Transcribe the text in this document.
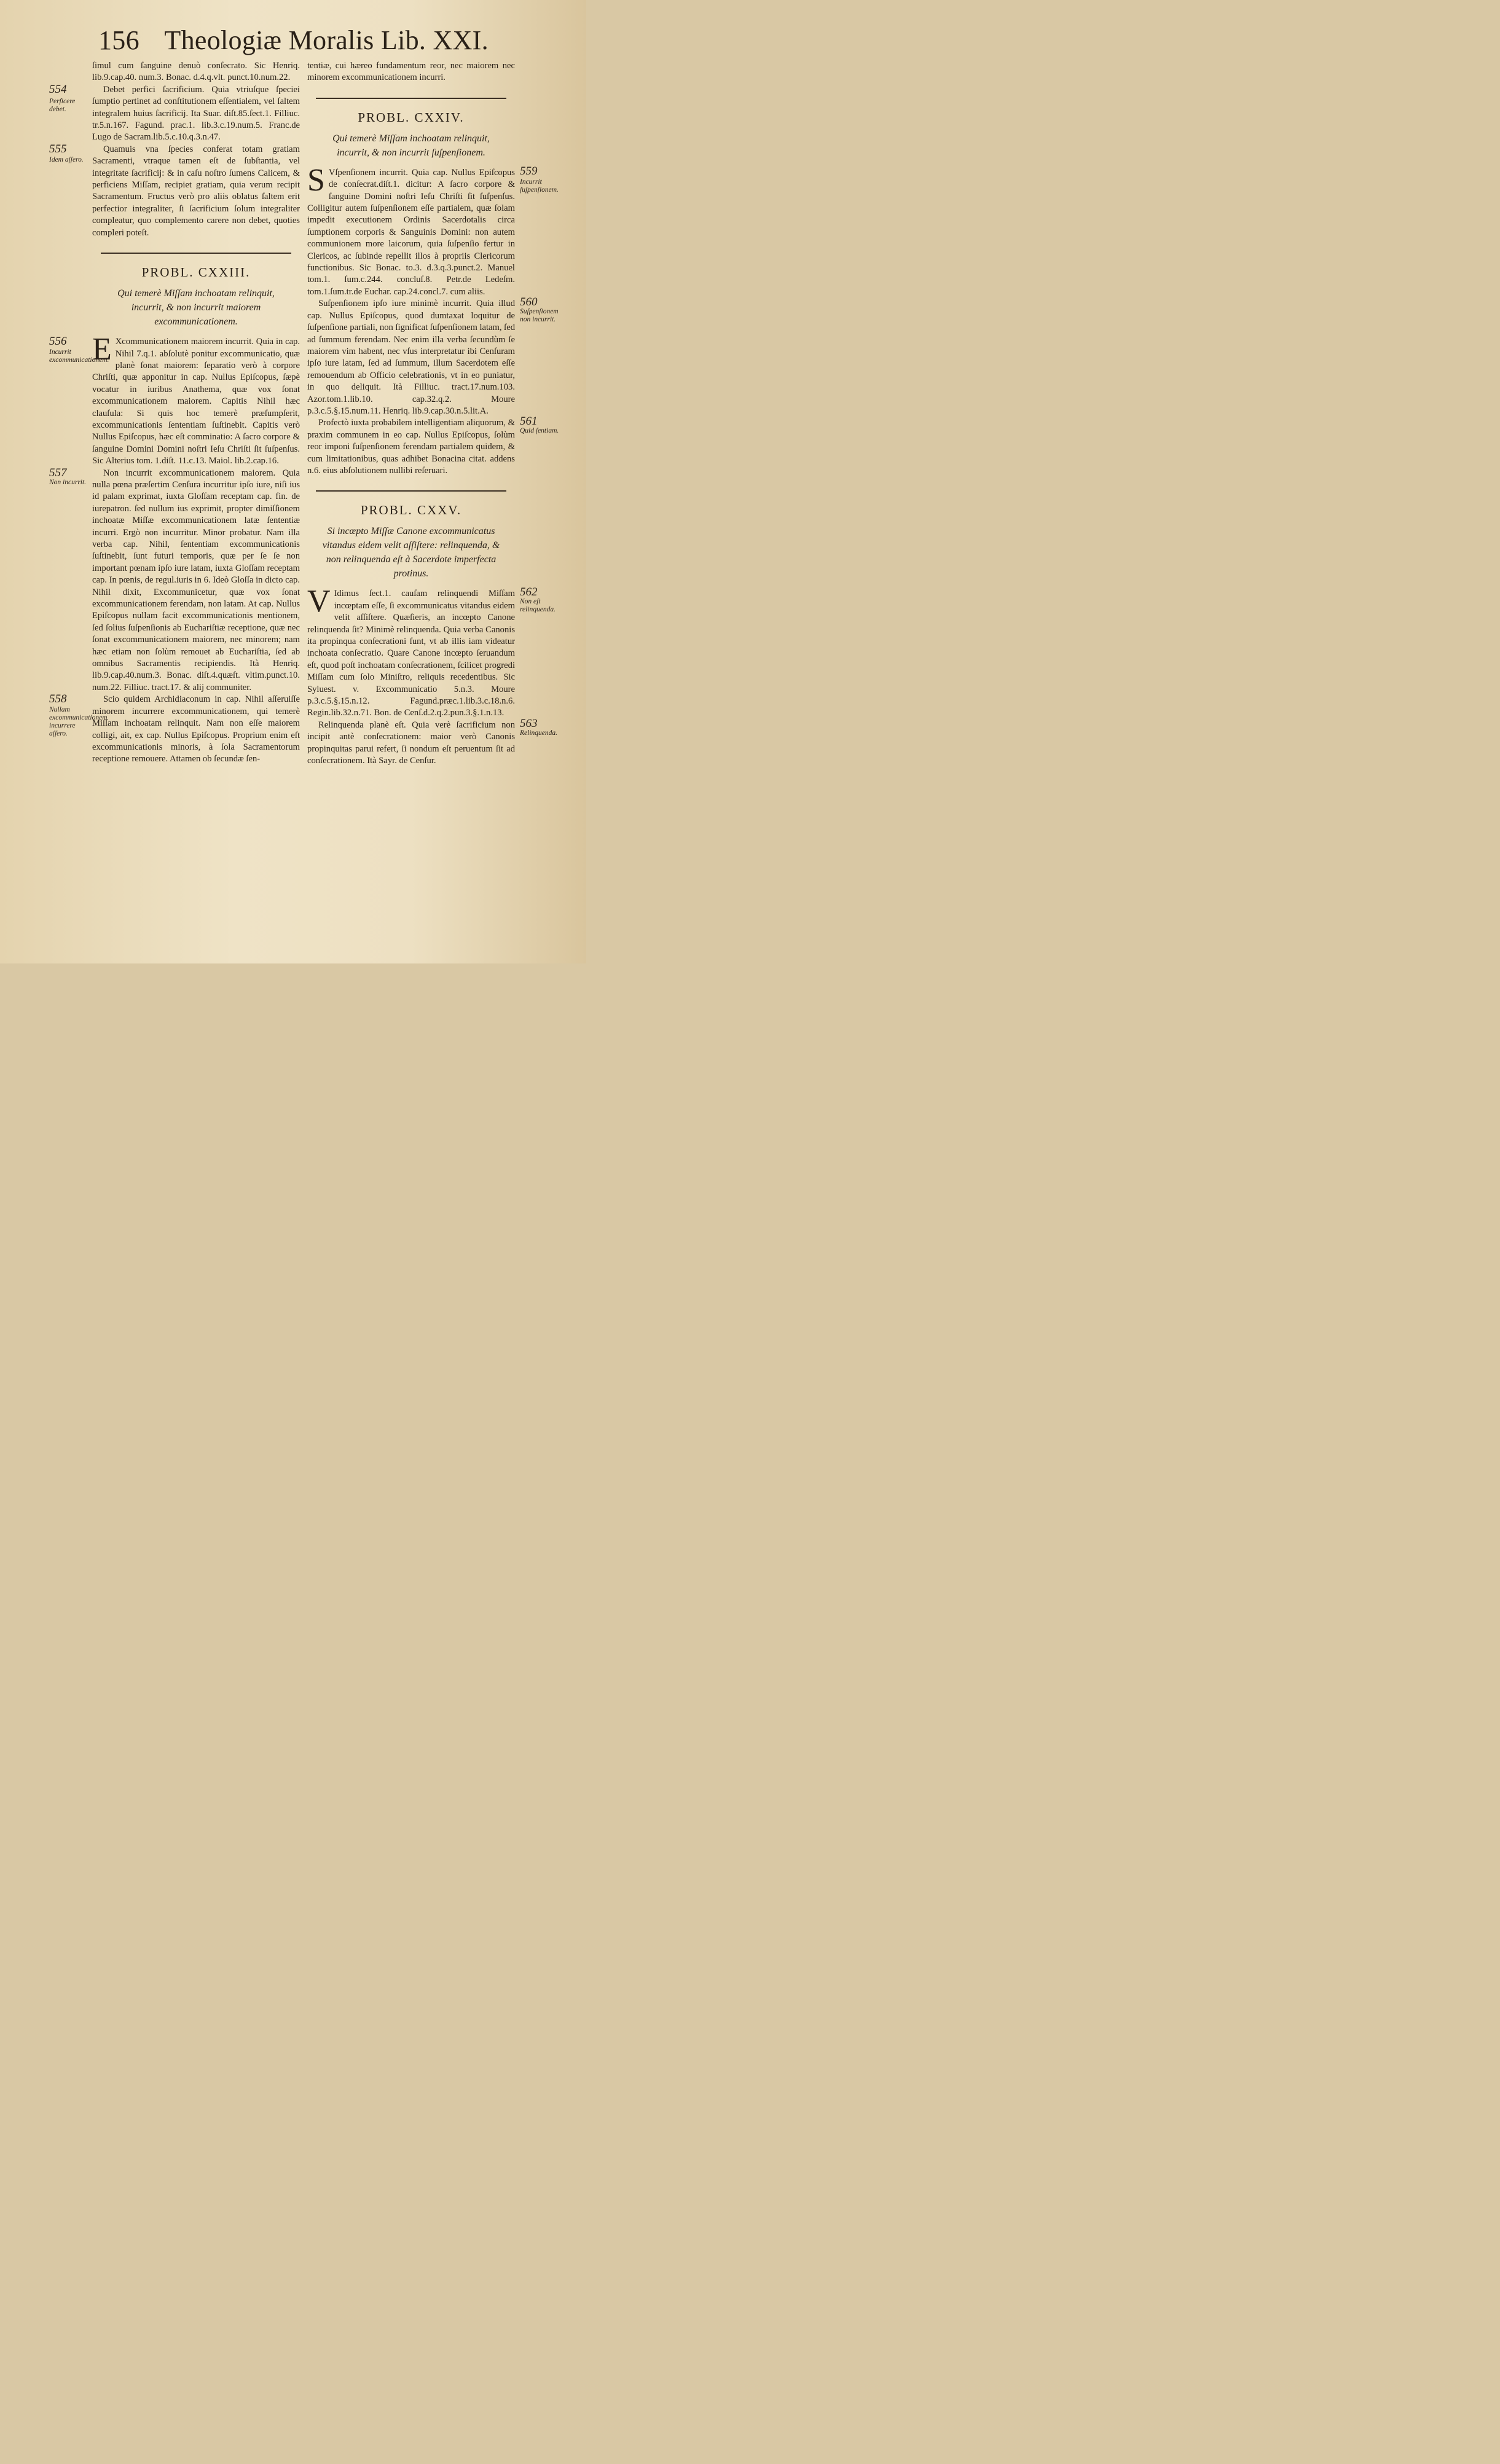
156 Theologiæ Moralis Lib. XXI.

ſimul cum ſanguine denuò conſecrato. Sic Henriq. lib.9.cap.40. num.3. Bonac. d.4.q.vlt. punct.10.num.22.

554
Perficere debet.

Debet perfici ſacrificium. Quia vtriuſque ſpeciei ſumptio pertinet ad conſtitutionem eſſentialem, vel ſaltem integralem huius ſacrificij. Ita Suar. diſt.85.ſect.1. Filliuc. tr.5.n.167. Fagund. prac.1. lib.3.c.19.num.5. Franc.de Lugo de Sacram.lib.5.c.10.q.3.n.47.

555
Idem aſſero.

Quamuis vna ſpecies conferat totam gratiam Sacramenti, vtraque tamen eſt de ſubſtantia, vel integritate ſacrificij: & in caſu noſtro ſumens Calicem, & perficiens Miſſam, recipiet gratiam, quia verum recipit Sacramentum. Fructus verò pro aliis oblatus ſaltem erit perfectior integraliter, ſi ſacrificium ſolum integraliter compleatur, quo complemento carere non debet, quoties compleri poteſt.

PROBL. CXXIII.
Qui temerè Miſſam inchoatam relinquit, incurrit, & non incurrit maiorem excommunicationem.
556
Incurrit excommunicationem.

E Xcommunicationem maiorem incurrit. Quia in cap. Nihil 7.q.1. abſolutè ponitur excommunicatio, quæ planè ſonat maiorem: ſeparatio verò à corpore Chriſti, quæ apponitur in cap. Nullus Epiſcopus, ſæpè vocatur in iuribus Anathema, quæ vox ſonat excommunicationem maiorem. Capitis Nihil hæc clauſula: Si quis hoc temerè præſumpſerit, excommunicationis ſententiam ſuſtinebit. Capitis verò Nullus Epiſcopus, hæc eſt comminatio: A ſacro corpore & ſanguine Domini Domini noſtri Ieſu Chriſti ſit ſuſpenſus. Sic Alterius tom. 1.diſt. 11.c.13. Maiol. lib.2.cap.16.

557
Non incurrit.

Non incurrit excommunicationem maiorem. Quia nulla pœna præſertim Cenſura incurritur ipſo iure, niſi ius id palam exprimat, iuxta Gloſſam receptam cap. fin. de iurepatron. ſed nullum ius exprimit, propter dimiſſionem inchoatæ Miſſæ excommunicationem latæ ſententiæ incurri. Ergò non incurritur. Minor probatur. Nam illa verba cap. Nihil, ſententiam excommunicationis ſuſtinebit, ſunt futuri temporis, quæ per ſe ſe non important pœnam ipſo iure latam, iuxta Gloſſam receptam cap. In pœnis, de regul.iuris in 6. Ideò Gloſſa in dicto cap. Nihil dixit, Excommunicetur, quæ vox ſonat excommunicationem ferendam, non latam. At cap. Nullus Epiſcopus nullam facit excommunicationis mentionem, ſed ſolius ſuſpenſionis ab Euchariſtiæ receptione, quæ nec ſonat excommunicationem maiorem, nec minorem; nam hæc etiam non ſolùm remouet ab Euchariſtia, ſed ab omnibus Sacramentis recipiendis. Ità Henriq. lib.9.cap.40.num.3. Bonac. diſt.4.quæſt. vltim.punct.10. num.22. Filliuc. tract.17. & alij communiter.

558
Nullam excommunicationem incurrere aſſero.

Scio quidem Archidiaconum in cap. Nihil aſſeruiſſe minorem incurrere excommunicationem, qui temerè Miſſam inchoatam relinquit. Nam non eſſe maiorem colligi, ait, ex cap. Nullus Epiſcopus. Proprium enim eſt excommunicationis minoris, à ſola Sacramentorum receptione remouere. Attamen ob ſecundæ ſen-

tentiæ, cui hæreo fundamentum reor, nec maiorem nec minorem excommunicationem incurri.

PROBL. CXXIV.
Qui temerè Miſſam inchoatam relinquit, incurrit, & non incurrit ſuſpenſionem.
559
Incurrit ſuſpenſionem.

S Vſpenſionem incurrit. Quia cap. Nullus Epiſcopus de conſecrat.diſt.1. dicitur: A ſacro corpore & ſanguine Domini noſtri Ieſu Chriſti ſit ſuſpenſus. Colligitur autem ſuſpenſionem eſſe partialem, quæ ſolam impedit executionem Ordinis Sacerdotalis circa ſumptionem corporis & Sanguinis Domini: non autem communionem more laicorum, quia ſuſpenſio fertur in Clericos, ac ſubinde repellit illos à propriis Clericorum functionibus. Sic Bonac. to.3. d.3.q.3.punct.2. Manuel tom.1. ſum.c.244. concluſ.8. Petr.de Ledeſm. tom.1.ſum.tr.de Euchar. cap.24.concl.7. cum aliis.

560
Suſpenſionem non incurrit.

Suſpenſionem ipſo iure minimè incurrit. Quia illud cap. Nullus Epiſcopus, quod dumtaxat loquitur de ſuſpenſione partiali, non ſignificat ſuſpenſionem latam, ſed ad ſummum ferendam. Nec enim illa verba ſecundùm ſe maiorem vim habent, nec vſus interpretatur ibi Cenſuram ipſo iure latam, ſed ad ſummum, illum Sacerdotem eſſe remouendum ab Officio celebrationis, vt in eo puniatur, in quo deliquit. Ità Filliuc. tract.17.num.103. Azor.tom.1.lib.10. cap.32.q.2. Moure p.3.c.5.§.15.num.11. Henriq. lib.9.cap.30.n.5.lit.A.

561
Quid ſentiam.

Profectò iuxta probabilem intelligentiam aliquorum, & praxim communem in eo cap. Nullus Epiſcopus, ſolùm reor imponi ſuſpenſionem ferendam partialem quidem, & cum limitationibus, quas adhibet Bonacina citat. addens n.6. eius abſolutionem nullibi reſeruari.

PROBL. CXXV.
Si incœpto Miſſæ Canone excommunicatus vitandus eidem velit aſſiſtere: relinquenda, & non relinquenda eſt à Sacerdote imperfecta protinus.
562
Non eſt relinquenda.

V Idimus ſect.1. cauſam relinquendi Miſſam incœptam eſſe, ſi excommunicatus vitandus eidem velit aſſiſtere. Quæſieris, an incœpto Canone relinquenda ſit? Minimè relinquenda. Quia verba Canonis ita propinqua conſecrationi ſunt, vt ab illis iam videatur inchoata conſecratio. Quare Canone incœpto ſeruandum eſt, quod poſt inchoatam conſecrationem, ſcilicet progredi Miſſam cum ſolo Miniſtro, reliquis recedentibus. Sic Syluest. v. Excommunicatio 5.n.3. Moure p.3.c.5.§.15.n.12. Fagund.præc.1.lib.3.c.18.n.6. Regin.lib.32.n.71. Bon. de Cenſ.d.2.q.2.pun.3.§.1.n.13.

563
Relinquenda.

Relinquenda planè eſt. Quia verè ſacrificium non incipit antè conſecrationem: maior verò Canonis propinquitas parui refert, ſi nondum eſt peruentum ſit ad conſecrationem. Ità Sayr. de Cenſur.
